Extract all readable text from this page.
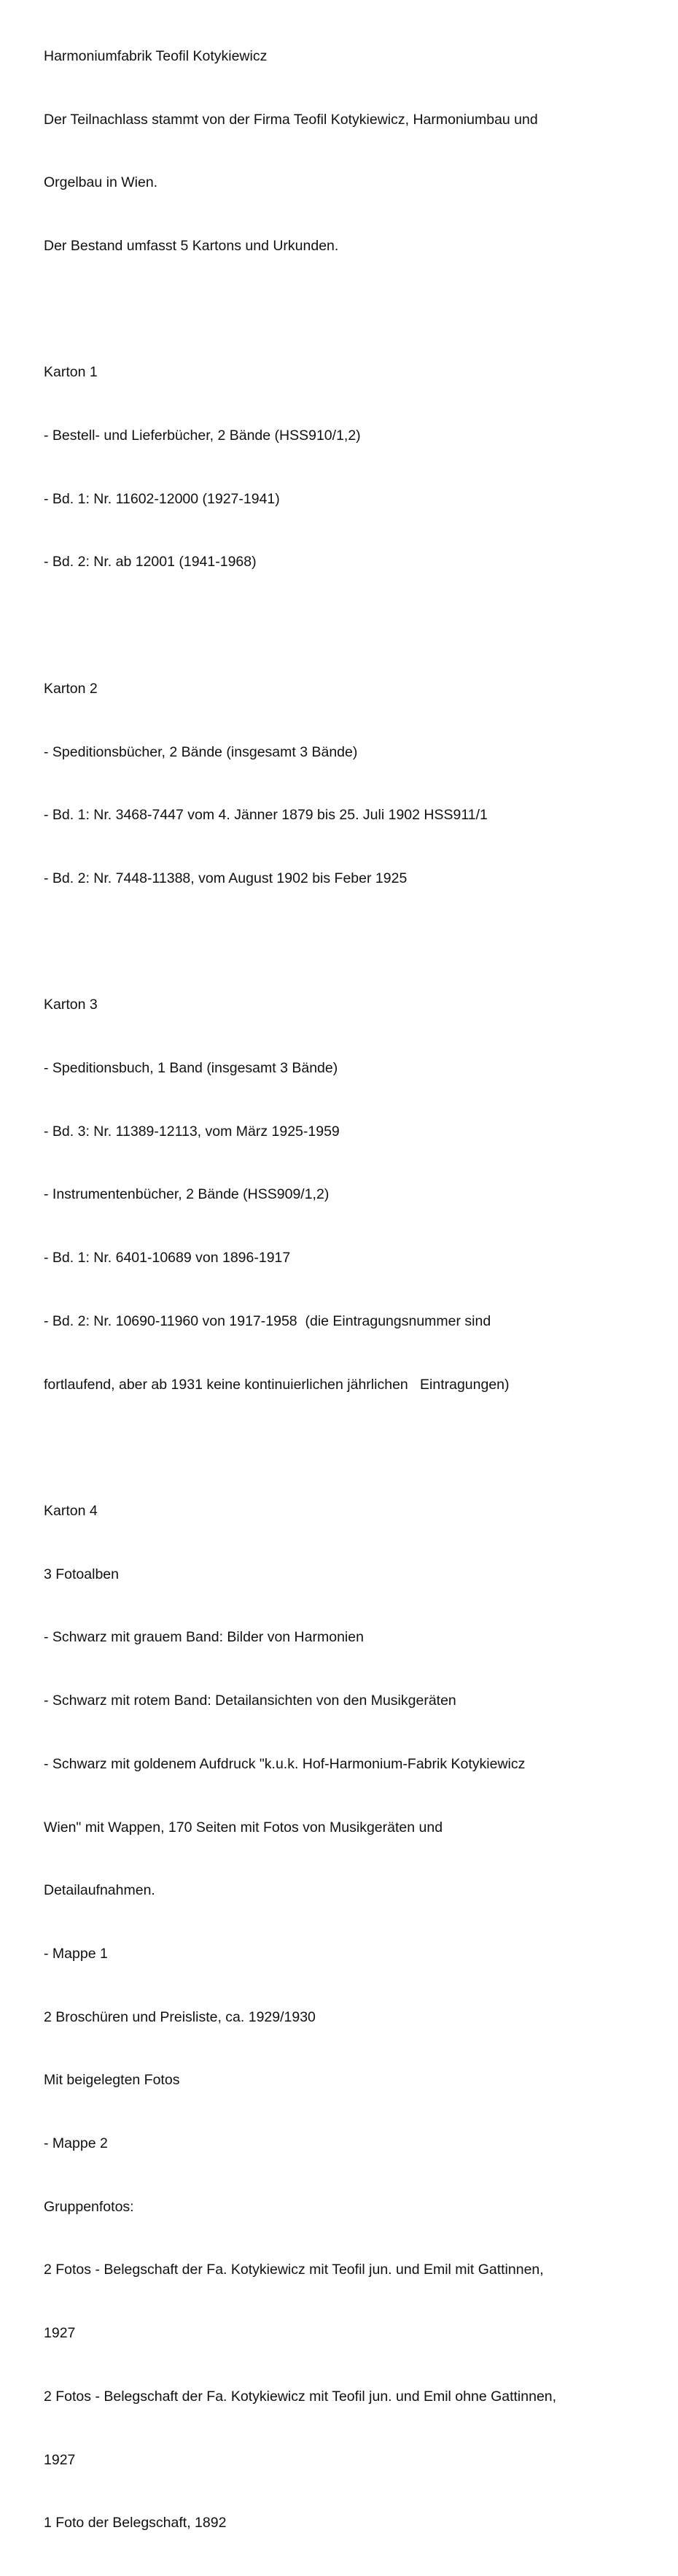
Harmoniumfabrik Teofil Kotykiewicz

Der Teilnachlass stammt von der Firma Teofil Kotykiewicz, Harmoniumbau und

Orgelbau in Wien.

Der Bestand umfasst 5 Kartons und Urkunden.

Karton 1

- Bestell- und Lieferbücher, 2 Bände (HSS910/1,2)

- Bd. 1: Nr. 11602-12000 (1927-1941)

- Bd. 2: Nr. ab 12001 (1941-1968)

Karton 2

- Speditionsbücher, 2 Bände (insgesamt 3 Bände)

- Bd. 1: Nr. 3468-7447 vom 4. Jänner 1879 bis 25. Juli 1902 HSS911/1

- Bd. 2: Nr. 7448-11388, vom August 1902 bis Feber 1925

Karton 3

- Speditionsbuch, 1 Band (insgesamt 3 Bände)

- Bd. 3: Nr. 11389-12113, vom März 1925-1959

- Instrumentenbücher, 2 Bände (HSS909/1,2)

- Bd. 1: Nr. 6401-10689 von 1896-1917

- Bd. 2: Nr. 10690-11960 von 1917-1958  (die Eintragungsnummer sind

fortlaufend, aber ab 1931 keine kontinuierlichen jährlichen   Eintragungen)

Karton 4

3 Fotoalben

- Schwarz mit grauem Band: Bilder von Harmonien

- Schwarz mit rotem Band: Detailansichten von den Musikgeräten

- Schwarz mit goldenem Aufdruck "k.u.k. Hof-Harmonium-Fabrik Kotykiewicz

Wien" mit Wappen, 170 Seiten mit Fotos von Musikgeräten und

Detailaufnahmen.

- Mappe 1

2 Broschüren und Preisliste, ca. 1929/1930

Mit beigelegten Fotos

- Mappe 2

Gruppenfotos:

2 Fotos - Belegschaft der Fa. Kotykiewicz mit Teofil jun. und Emil mit Gattinnen,

1927

2 Fotos - Belegschaft der Fa. Kotykiewicz mit Teofil jun. und Emil ohne Gattinnen,

1927

1 Foto der Belegschaft, 1892
